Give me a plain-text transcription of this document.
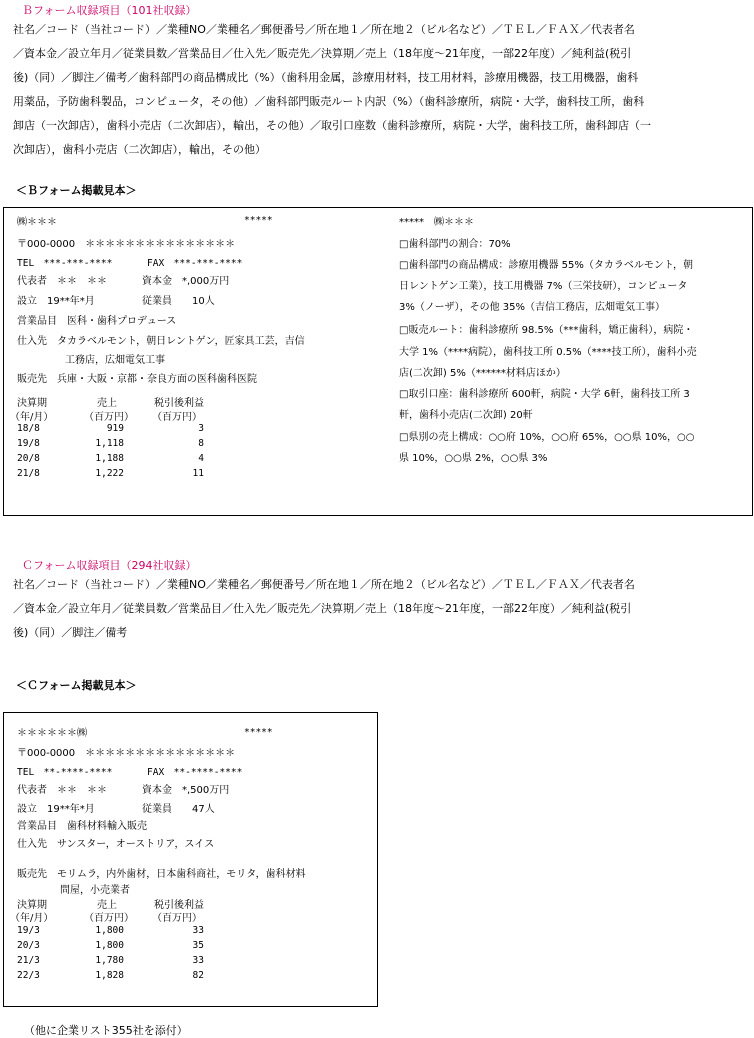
Ｂフォーム収録項目（101社収録）
社名／コード（当社コード）／業種NO／業種名／郵便番号／所在地１／所在地２（ビル名など）／ＴＥＬ／ＦＡＸ／代表者名
／資本金／設立年月／従業員数／営業品目／仕入先／販売先／決算期／売上（18年度～21年度，一部22年度）／純利益(税引
後)（同）／脚注／備考／歯科部門の商品構成比（%）（歯科用金属，診療用材料，技工用材料，診療用機器，技工用機器，歯科
用薬品，予防歯科製品，コンピュータ，その他）／歯科部門販売ルート内訳（%）（歯科診療所，病院・大学，歯科技工所，歯科
卸店（一次卸店），歯科小売店（二次卸店），輸出，その他）／取引口座数（歯科診療所，病院・大学，歯科技工所，歯科卸店（一
次卸店），歯科小売店（二次卸店），輸出，その他）
＜Ｂフォーム掲載見本＞
㈱＊＊＊	*****
〒000-0000　＊＊＊＊＊＊＊＊＊＊＊＊＊＊＊
TEL　***-***-****	FAX　***-***-****
代表者　＊＊　＊＊	資本金　*,000万円
設立　19**年*月	従業員　　10人
営業品目　医科・歯科プロデュース
仕入先　タカラベルモント，朝日レントゲン，匠家具工芸，吉信
工務店，広畑電気工事
販売先　兵庫・大阪・京都・奈良方面の医科歯科医院
決算期	売上	税引後利益
（年/月）	（百万円） （百万円）
18/8	919	3
19/8	1,118	8
20/8	1,188	4
21/8	1,222	11
*****　㈱＊＊＊
□歯科部門の割合：70%
□歯科部門の商品構成：診療用機器 55%（タカラベルモント，朝
日レントゲン工業），技工用機器 7%（三栄技研），コンピュータ
3%（ノーザ），その他 35%（吉信工務店，広畑電気工事）
□販売ルート：歯科診療所 98.5%（***歯科，矯正歯科），病院・
大学 1%（****病院），歯科技工所 0.5%（****技工所），歯科小売
店(二次卸) 5%（******材料店ほか）
□取引口座：歯科診療所 600軒，病院・大学 6軒，歯科技工所 3
軒，歯科小売店(二次卸) 20軒
□県別の売上構成：○○府 10%，○○府 65%，○○県 10%，○○
県 10%，○○県 2%，○○県 3%
Ｃフォーム収録項目（294社収録）
社名／コード（当社コード）／業種NO／業種名／郵便番号／所在地１／所在地２（ビル名など）／ＴＥＬ／ＦＡＸ／代表者名
／資本金／設立年月／従業員数／営業品目／仕入先／販売先／決算期／売上（18年度～21年度，一部22年度）／純利益(税引
後)（同）／脚注／備考
＜Ｃフォーム掲載見本＞
＊＊＊＊＊＊㈱	*****
〒000-0000　＊＊＊＊＊＊＊＊＊＊＊＊＊＊＊
TEL　**-****-****	FAX　**-****-****
代表者　＊＊　＊＊	資本金　*,500万円
設立　19**年*月	従業員　　47人
営業品目　歯科材料輸入販売
仕入先　サンスター，オーストリア，スイス
販売先　モリムラ，内外歯材，日本歯科商社，モリタ，歯科材料
問屋，小売業者
決算期	売上	税引後利益
（年/月）	（百万円） （百万円）
19/3	1,800	33
20/3	1,800	35
21/3	1,780	33
22/3	1,828	82
（他に企業リスト355社を添付）
